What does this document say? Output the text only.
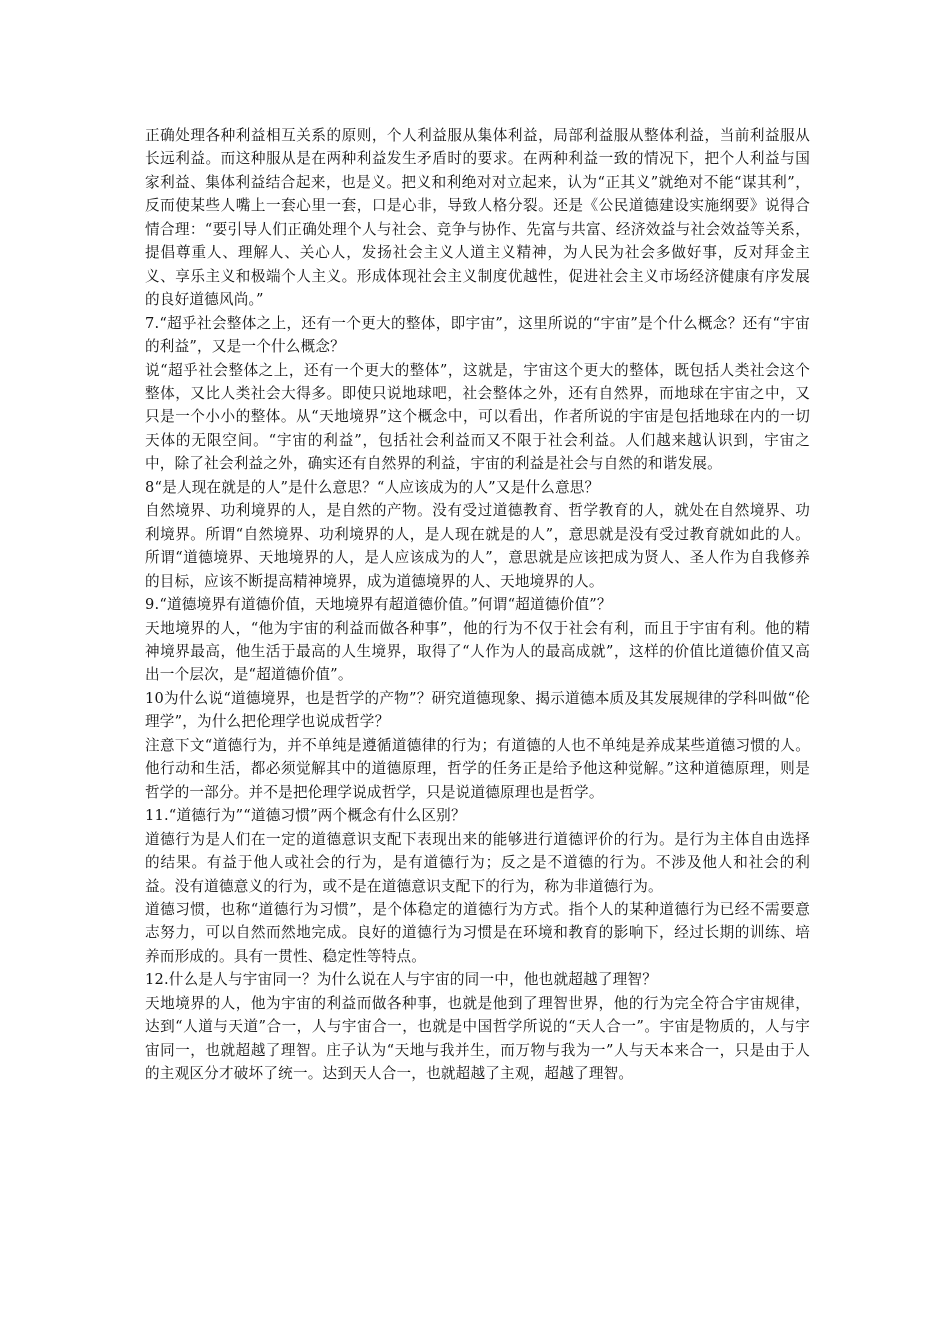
正确处理各种利益相互关系的原则，个人利益服从集体利益，局部利益服从整体利益，当前利益服从长远利益。而这种服从是在两种利益发生矛盾时的要求。在两种利益一致的情况下，把个人利益与国家利益、集体利益结合起来，也是义。把义和利绝对对立起来，认为“正其义”就绝对不能“谋其利”，反而使某些人嘴上一套心里一套，口是心非，导致人格分裂。还是《公民道德建设实施纲要》说得合情合理：“要引导人们正确处理个人与社会、竞争与协作、先富与共富、经济效益与社会效益等关系，提倡尊重人、理解人、关心人，发扬社会主义人道主义精神，为人民为社会多做好事，反对拜金主义、享乐主义和极端个人主义。形成体现社会主义制度优越性，促进社会主义市场经济健康有序发展的良好道德风尚。”

7.“超乎社会整体之上，还有一个更大的整体，即宇宙”，这里所说的“宇宙”是个什么概念？还有“宇宙的利益”，又是一个什么概念？

说“超乎社会整体之上，还有一个更大的整体”，这就是，宇宙这个更大的整体，既包括人类社会这个整体，又比人类社会大得多。即使只说地球吧，社会整体之外，还有自然界，而地球在宇宙之中，又只是一个小小的整体。从“天地境界”这个概念中，可以看出，作者所说的宇宙是包括地球在内的一切天体的无限空间。“宇宙的利益”，包括社会利益而又不限于社会利益。人们越来越认识到，宇宙之中，除了社会利益之外，确实还有自然界的利益，宇宙的利益是社会与自然的和谐发展。

8“是人现在就是的人”是什么意思？“人应该成为的人”又是什么意思？

自然境界、功利境界的人，是自然的产物。没有受过道德教育、哲学教育的人，就处在自然境界、功利境界。所谓“自然境界、功利境界的人，是人现在就是的人”，意思就是没有受过教育就如此的人。所谓“道德境界、天地境界的人，是人应该成为的人”，意思就是应该把成为贤人、圣人作为自我修养的目标，应该不断提高精神境界，成为道德境界的人、天地境界的人。

9.“道德境界有道德价值，天地境界有超道德价值。”何谓“超道德价值”？

天地境界的人，“他为宇宙的利益而做各种事”，他的行为不仅于社会有利，而且于宇宙有利。他的精神境界最高，他生活于最高的人生境界，取得了“人作为人的最高成就”，这样的价值比道德价值又高出一个层次，是“超道德价值”。

10为什么说“道德境界，也是哲学的产物”？研究道德现象、揭示道德本质及其发展规律的学科叫做“伦理学”，为什么把伦理学也说成哲学？

注意下文“道德行为，并不单纯是遵循道德律的行为；有道德的人也不单纯是养成某些道德习惯的人。他行动和生活，都必须觉解其中的道德原理，哲学的任务正是给予他这种觉解。”这种道德原理，则是哲学的一部分。并不是把伦理学说成哲学，只是说道德原理也是哲学。

11.“道德行为”“道德习惯”两个概念有什么区别？

道德行为是人们在一定的道德意识支配下表现出来的能够进行道德评价的行为。是行为主体自由选择的结果。有益于他人或社会的行为，是有道德行为；反之是不道德的行为。不涉及他人和社会的利益。没有道德意义的行为，或不是在道德意识支配下的行为，称为非道德行为。

道德习惯，也称“道德行为习惯”，是个体稳定的道德行为方式。指个人的某种道德行为已经不需要意志努力，可以自然而然地完成。良好的道德行为习惯是在环境和教育的影响下，经过长期的训练、培养而形成的。具有一贯性、稳定性等特点。

12.什么是人与宇宙同一？为什么说在人与宇宙的同一中，他也就超越了理智？

天地境界的人，他为宇宙的利益而做各种事，也就是他到了理智世界，他的行为完全符合宇宙规律，达到“人道与天道”合一，人与宇宙合一，也就是中国哲学所说的“天人合一”。宇宙是物质的，人与宇宙同一，也就超越了理智。庄子认为“天地与我并生，而万物与我为一”人与天本来合一，只是由于人的主观区分才破坏了统一。达到天人合一，也就超越了主观，超越了理智。
